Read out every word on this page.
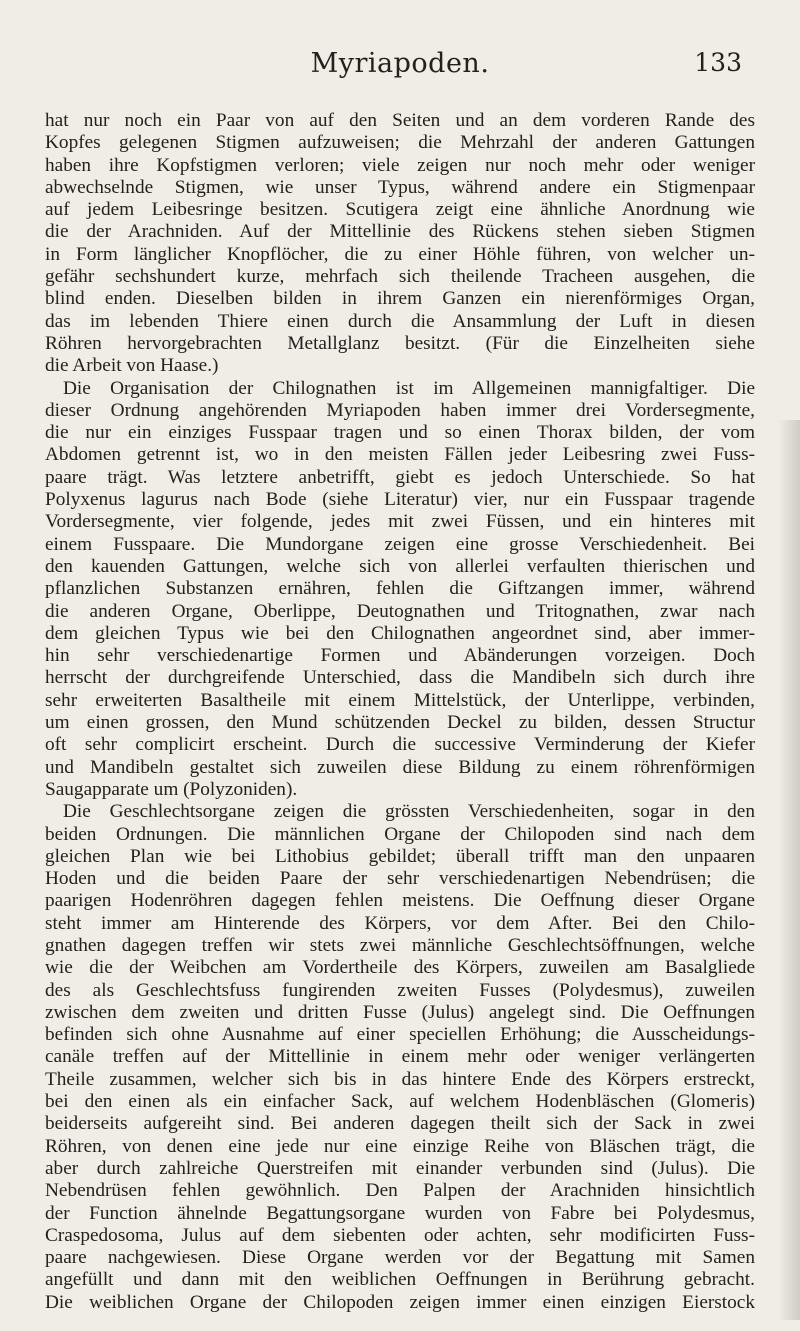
Myriapoden.	133

hat nur noch ein Paar von auf den Seiten und an dem vorderen Rande des

Kopfes gelegenen Stigmen aufzuweisen; die Mehrzahl der anderen Gattungen

haben ihre Kopfstigmen verloren; viele zeigen nur noch mehr oder weniger

abwechselnde Stigmen, wie unser Typus, während andere ein Stigmenpaar

auf jedem Leibesringe besitzen. Scutigera zeigt eine ähnliche Anordnung wie

die der Arachniden. Auf der Mittellinie des Rückens stehen sieben Stigmen

in Form länglicher Knopflöcher, die zu einer Höhle führen, von welcher un-

gefähr sechshundert kurze, mehrfach sich theilende Tracheen ausgehen, die

blind enden. Dieselben bilden in ihrem Ganzen ein nierenförmiges Organ,

das im lebenden Thiere einen durch die Ansammlung der Luft in diesen

Röhren hervorgebrachten Metallglanz besitzt. (Für die Einzelheiten siehe

die Arbeit von Haase.)

Die Organisation der Chilognathen ist im Allgemeinen mannigfaltiger. Die

dieser Ordnung angehörenden Myriapoden haben immer drei Vordersegmente,

die nur ein einziges Fusspaar tragen und so einen Thorax bilden, der vom

Abdomen getrennt ist, wo in den meisten Fällen jeder Leibesring zwei Fuss-

paare trägt. Was letztere anbetrifft, giebt es jedoch Unterschiede. So hat

Polyxenus lagurus nach Bode (siehe Literatur) vier, nur ein Fusspaar tragende

Vordersegmente, vier folgende, jedes mit zwei Füssen, und ein hinteres mit

einem Fusspaare. Die Mundorgane zeigen eine grosse Verschiedenheit. Bei

den kauenden Gattungen, welche sich von allerlei verfaulten thierischen und

pflanzlichen Substanzen ernähren, fehlen die Giftzangen immer, während

die anderen Organe, Oberlippe, Deutognathen und Tritognathen, zwar nach

dem gleichen Typus wie bei den Chilognathen angeordnet sind, aber immer-

hin sehr verschiedenartige Formen und Abänderungen vorzeigen. Doch

herrscht der durchgreifende Unterschied, dass die Mandibeln sich durch ihre

sehr erweiterten Basaltheile mit einem Mittelstück, der Unterlippe, verbinden,

um einen grossen, den Mund schützenden Deckel zu bilden, dessen Structur

oft sehr complicirt erscheint. Durch die successive Verminderung der Kiefer

und Mandibeln gestaltet sich zuweilen diese Bildung zu einem röhrenförmigen

Saugapparate um (Polyzoniden).

Die Geschlechtsorgane zeigen die grössten Verschiedenheiten, sogar in den

beiden Ordnungen. Die männlichen Organe der Chilopoden sind nach dem

gleichen Plan wie bei Lithobius gebildet; überall trifft man den unpaaren

Hoden und die beiden Paare der sehr verschiedenartigen Nebendrüsen; die

paarigen Hodenröhren dagegen fehlen meistens. Die Oeffnung dieser Organe

steht immer am Hinterende des Körpers, vor dem After. Bei den Chilo-

gnathen dagegen treffen wir stets zwei männliche Geschlechtsöffnungen, welche

wie die der Weibchen am Vordertheile des Körpers, zuweilen am Basalgliede

des als Geschlechtsfuss fungirenden zweiten Fusses (Polydesmus), zuweilen

zwischen dem zweiten und dritten Fusse (Julus) angelegt sind. Die Oeffnungen

befinden sich ohne Ausnahme auf einer speciellen Erhöhung; die Ausscheidungs-

canäle treffen auf der Mittellinie in einem mehr oder weniger verlängerten

Theile zusammen, welcher sich bis in das hintere Ende des Körpers erstreckt,

bei den einen als ein einfacher Sack, auf welchem Hodenbläschen (Glomeris)

beiderseits aufgereiht sind. Bei anderen dagegen theilt sich der Sack in zwei

Röhren, von denen eine jede nur eine einzige Reihe von Bläschen trägt, die

aber durch zahlreiche Querstreifen mit einander verbunden sind (Julus). Die

Nebendrüsen fehlen gewöhnlich. Den Palpen der Arachniden hinsichtlich

der Function ähnelnde Begattungsorgane wurden von Fabre bei Polydesmus,

Craspedosoma, Julus auf dem siebenten oder achten, sehr modificirten Fuss-

paare nachgewiesen. Diese Organe werden vor der Begattung mit Samen

angefüllt und dann mit den weiblichen Oeffnungen in Berührung gebracht.

Die weiblichen Organe der Chilopoden zeigen immer einen einzigen Eierstock
